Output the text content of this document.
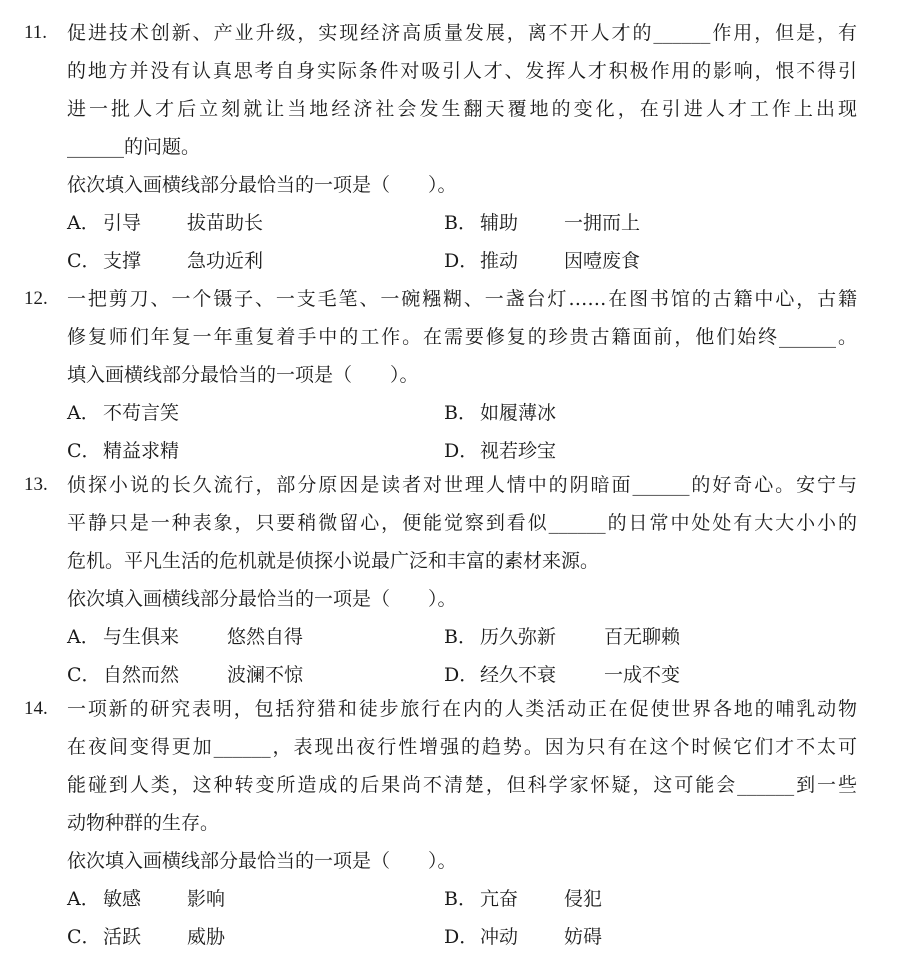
11. 促进技术创新、产业升级，实现经济高质量发展，离不开人才的______作用，但是，有
的地方并没有认真思考自身实际条件对吸引人才、发挥人才积极作用的影响，恨不得引
进一批人才后立刻就让当地经济社会发生翻天覆地的变化，在引进人才工作上出现
______的问题。
依次填入画横线部分最恰当的一项是（　　）。
A． 引导 拔苗助长	B． 辅助 一拥而上
C． 支撑 急功近利	D．推动 因噎废食
12. 一把剪刀、一个镊子、一支毛笔、一碗糨糊、一盏台灯……在图书馆的古籍中心，古籍
修复师们年复一年重复着手中的工作。在需要修复的珍贵古籍面前，他们始终______。
填入画横线部分最恰当的一项是（　　）。
A． 不苟言笑	B． 如履薄冰
C． 精益求精	D．视若珍宝
13. 侦探小说的长久流行，部分原因是读者对世理人情中的阴暗面______的好奇心。安宁与
平静只是一种表象，只要稍微留心，便能觉察到看似______的日常中处处有大大小小的
危机。平凡生活的危机就是侦探小说最广泛和丰富的素材来源。
依次填入画横线部分最恰当的一项是（　　）。
A． 与生俱来	悠然自得	B． 历久弥新	百无聊赖
C． 自然而然	波澜不惊	D．经久不衰	一成不变
14. 一项新的研究表明，包括狩猎和徒步旅行在内的人类活动正在促使世界各地的哺乳动物
在夜间变得更加______，表现出夜行性增强的趋势。因为只有在这个时候它们才不太可
能碰到人类，这种转变所造成的后果尚不清楚，但科学家怀疑，这可能会______到一些
动物种群的生存。
依次填入画横线部分最恰当的一项是（　　）。
A． 敏感 影响	B． 亢奋 侵犯
C． 活跃 威胁	D．冲动 妨碍
